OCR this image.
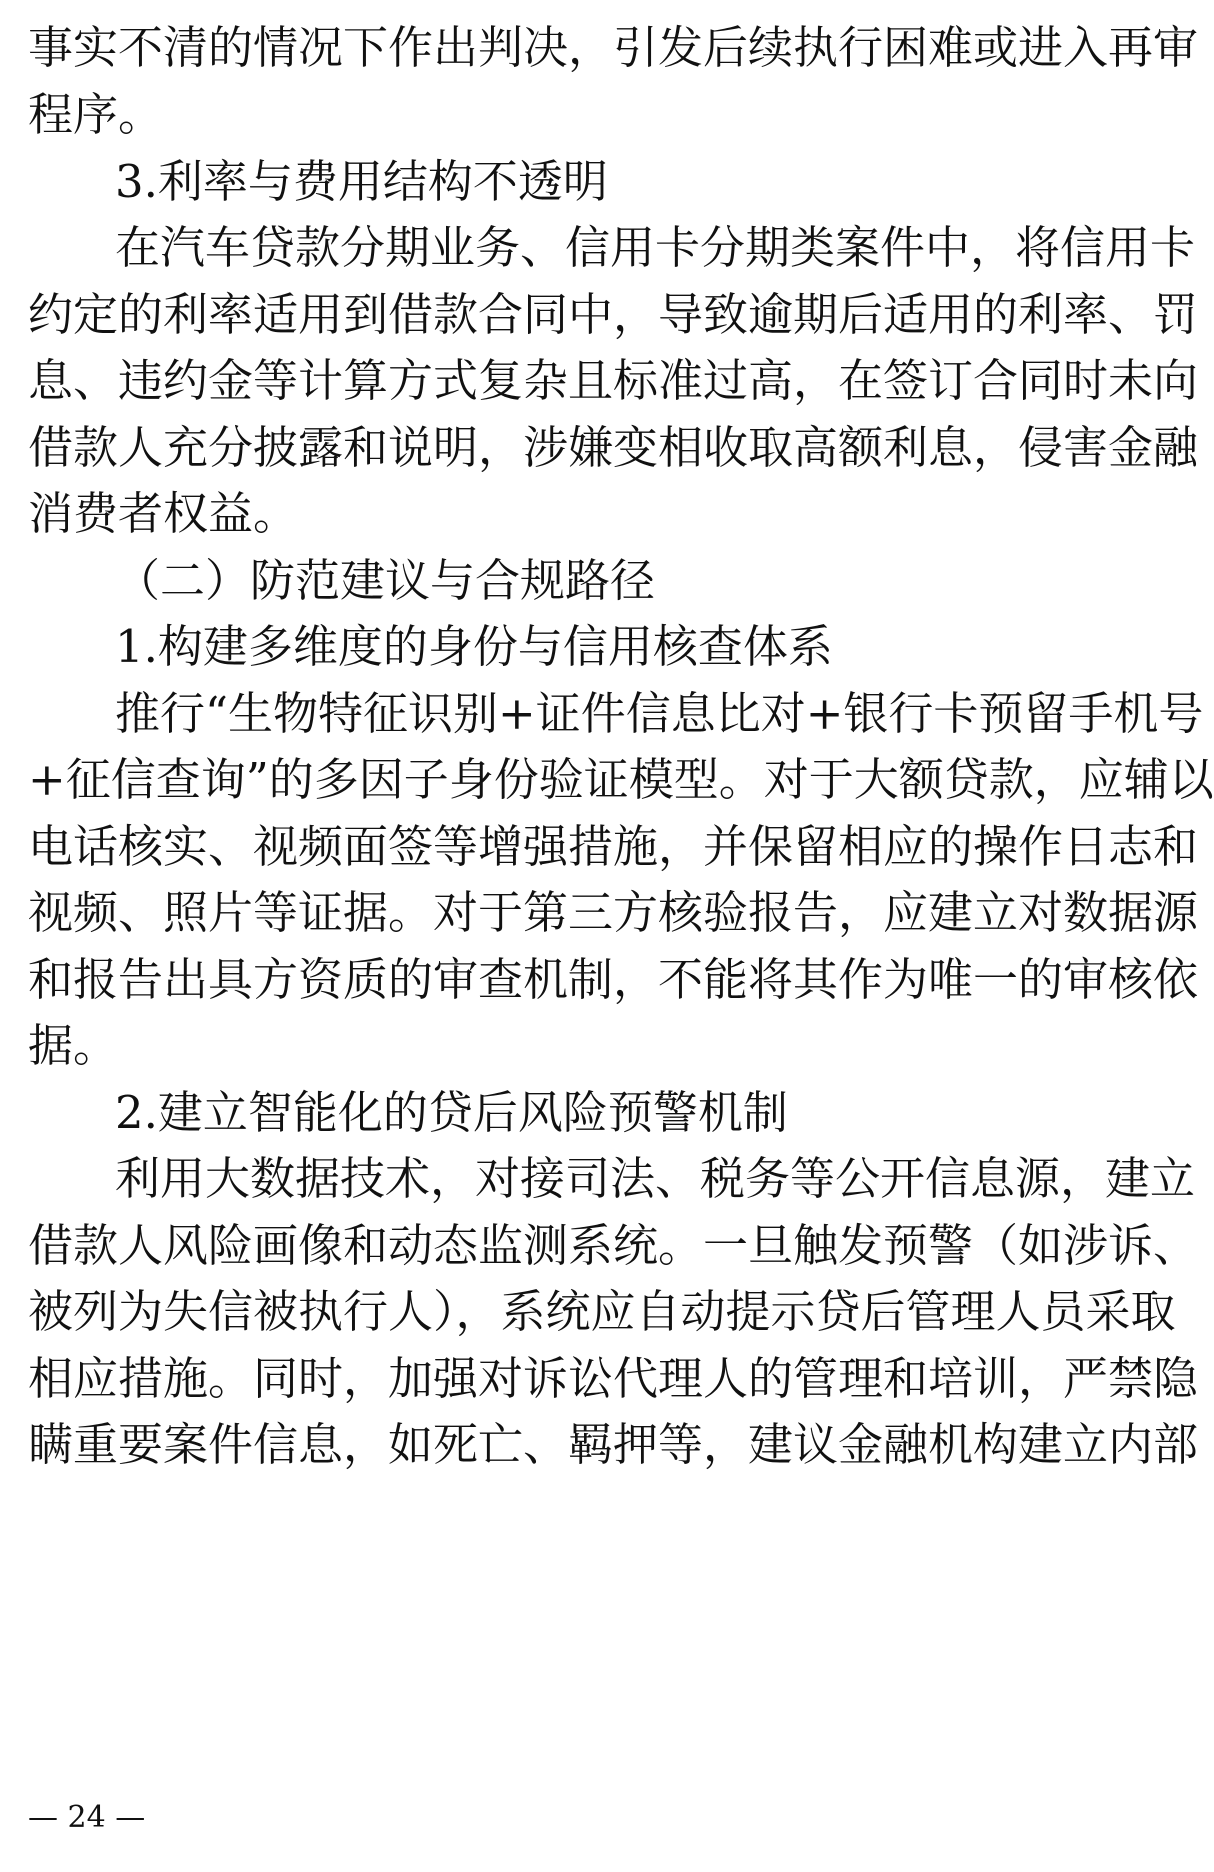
事实不清的情况下作出判决，引发后续执行困难或进入再审
程序。
3.利率与费用结构不透明
在汽车贷款分期业务、信用卡分期类案件中，将信用卡
约定的利率适用到借款合同中，导致逾期后适用的利率、罚
息、违约金等计算方式复杂且标准过高，在签订合同时未向
借款人充分披露和说明，涉嫌变相收取高额利息，侵害金融
消费者权益。
（二）防范建议与合规路径
1.构建多维度的身份与信用核查体系
推行“生物特征识别+证件信息比对+银行卡预留手机号
+征信查询”的多因子身份验证模型。对于大额贷款，应辅以
电话核实、视频面签等增强措施，并保留相应的操作日志和
视频、照片等证据。对于第三方核验报告，应建立对数据源
和报告出具方资质的审查机制，不能将其作为唯一的审核依
据。
2.建立智能化的贷后风险预警机制
利用大数据技术，对接司法、税务等公开信息源，建立
借款人风险画像和动态监测系统。一旦触发预警（如涉诉、
被列为失信被执行人），系统应自动提示贷后管理人员采取
相应措施。同时，加强对诉讼代理人的管理和培训，严禁隐
瞒重要案件信息，如死亡、羁押等，建议金融机构建立内部
— 24 —
